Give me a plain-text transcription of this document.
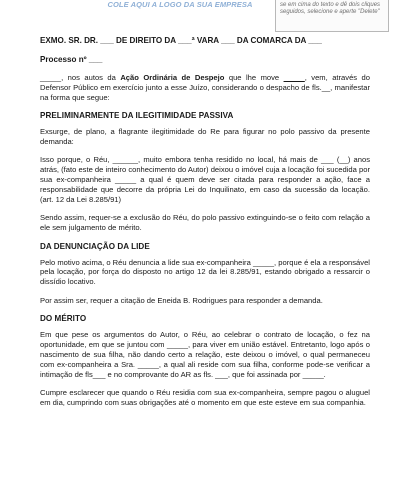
COLE AQUI A LOGO DA SUA EMPRESA	se em cima do texto e dê dois cliques seguidos, selecione e aperte "Delete"
EXMO. SR. DR. ___ DE DIREITO DA ___ª VARA ___ DA COMARCA DA ___
Processo nº ___

_____, nos autos da Ação Ordinária de Despejo que lhe move _____, vem, através do Defensor Público em exercício junto a esse Juízo, considerando o despacho de fls.__, manifestar na forma que segue:

PRELIMINARMENTE DA ILEGITIMIDADE PASSIVA

Exsurge, de plano, a flagrante ilegitimidade do Re para figurar no polo passivo da presente demanda:

Isso porque, o Réu, ______, muito embora tenha residido no local, há mais de ___ (__) anos atrás, (fato este de inteiro conhecimento do Autor) deixou o imóvel cuja a locação foi sucedida por sua ex-companheira _____ a qual é quem deve ser citada para responder a ação, face a responsabilidade que decorre da própria Lei do Inquilinato, em caso da sucessão da locação. (art. 12 da Lei 8.285/91)

Sendo assim, requer-se a exclusão do Réu, do polo passivo extinguindo-se o feito com relação a ele sem julgamento de mérito.

DA DENUNCIAÇÃO DA LIDE

Pelo motivo acima, o Réu denuncia a lide sua ex-companheira _____, porque é ela a responsável pela locação, por força do disposto no artigo 12 da lei 8.285/91, estando obrigado a ressarcir o dissídio locativo.

Por assim ser, requer a citação de Eneida B. Rodrigues para responder a demanda.

DO MÉRITO

Em que pese os argumentos do Autor, o Réu, ao celebrar o contrato de locação, o fez na oportunidade, em que se juntou com _____, para viver em união estável. Entretanto, logo após o nascimento de sua filha, não dando certo a relação, este deixou o imóvel, o qual permaneceu com ex-companheira a Sra. _____, a qual ali reside com sua filha, conforme pode-se verificar a intimação de fls___ e no comprovante do AR as fls. ___, que foi assinada por _____.

Cumpre esclarecer que quando o Réu residia com sua ex-companheira, sempre pagou o aluguel em dia, cumprindo com suas obrigações até o momento em que este esteve em sua companhia.
